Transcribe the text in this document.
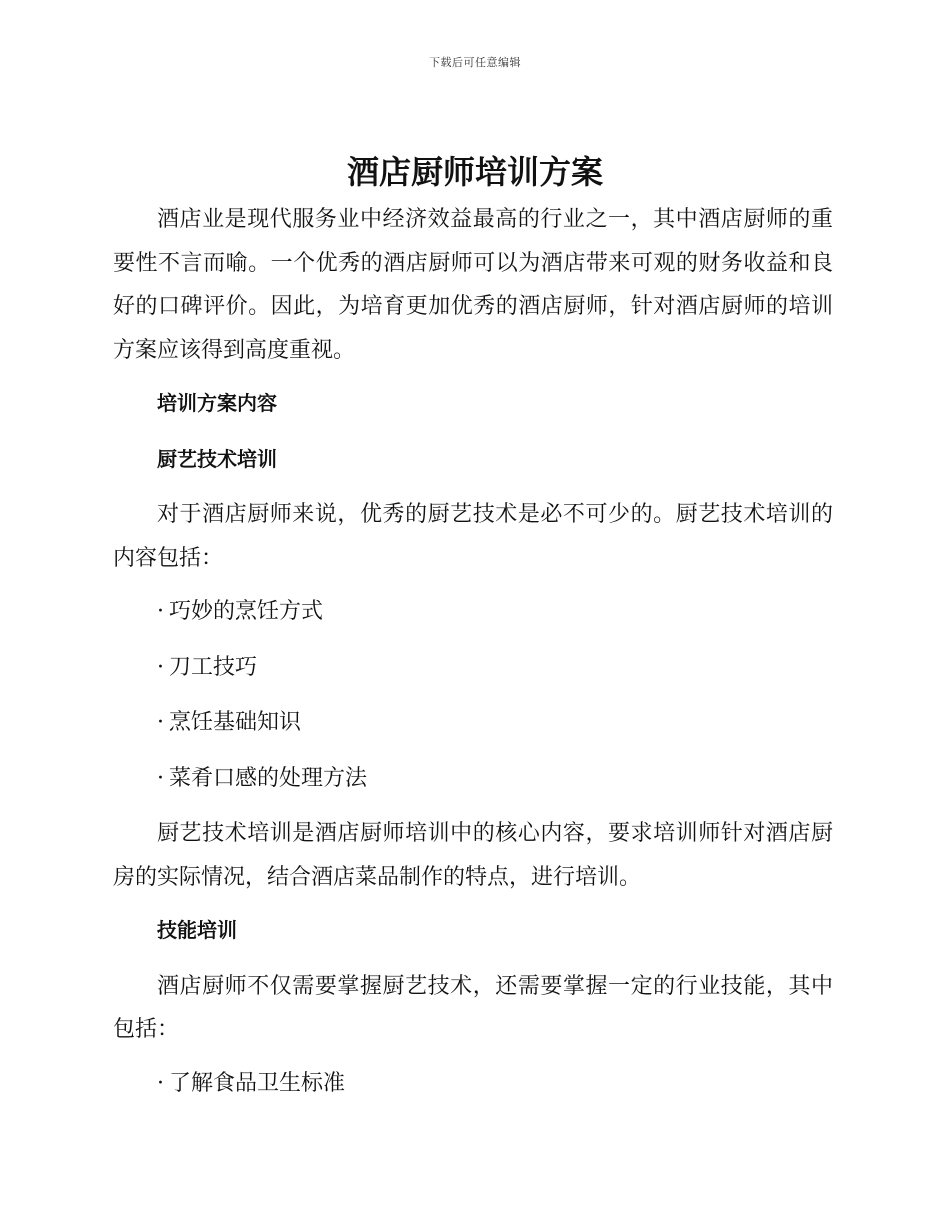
下载后可任意编辑
酒店厨师培训方案

酒店业是现代服务业中经济效益最高的行业之一，其中酒店厨师的重要性不言而喻。一个优秀的酒店厨师可以为酒店带来可观的财务收益和良好的口碑评价。因此，为培育更加优秀的酒店厨师，针对酒店厨师的培训方案应该得到高度重视。

培训方案内容
厨艺技术培训

对于酒店厨师来说，优秀的厨艺技术是必不可少的。厨艺技术培训的内容包括：

· 巧妙的烹饪方式
· 刀工技巧
· 烹饪基础知识
· 菜肴口感的处理方法

厨艺技术培训是酒店厨师培训中的核心内容，要求培训师针对酒店厨房的实际情况，结合酒店菜品制作的特点，进行培训。

技能培训

酒店厨师不仅需要掌握厨艺技术，还需要掌握一定的行业技能，其中包括：

· 了解食品卫生标准
